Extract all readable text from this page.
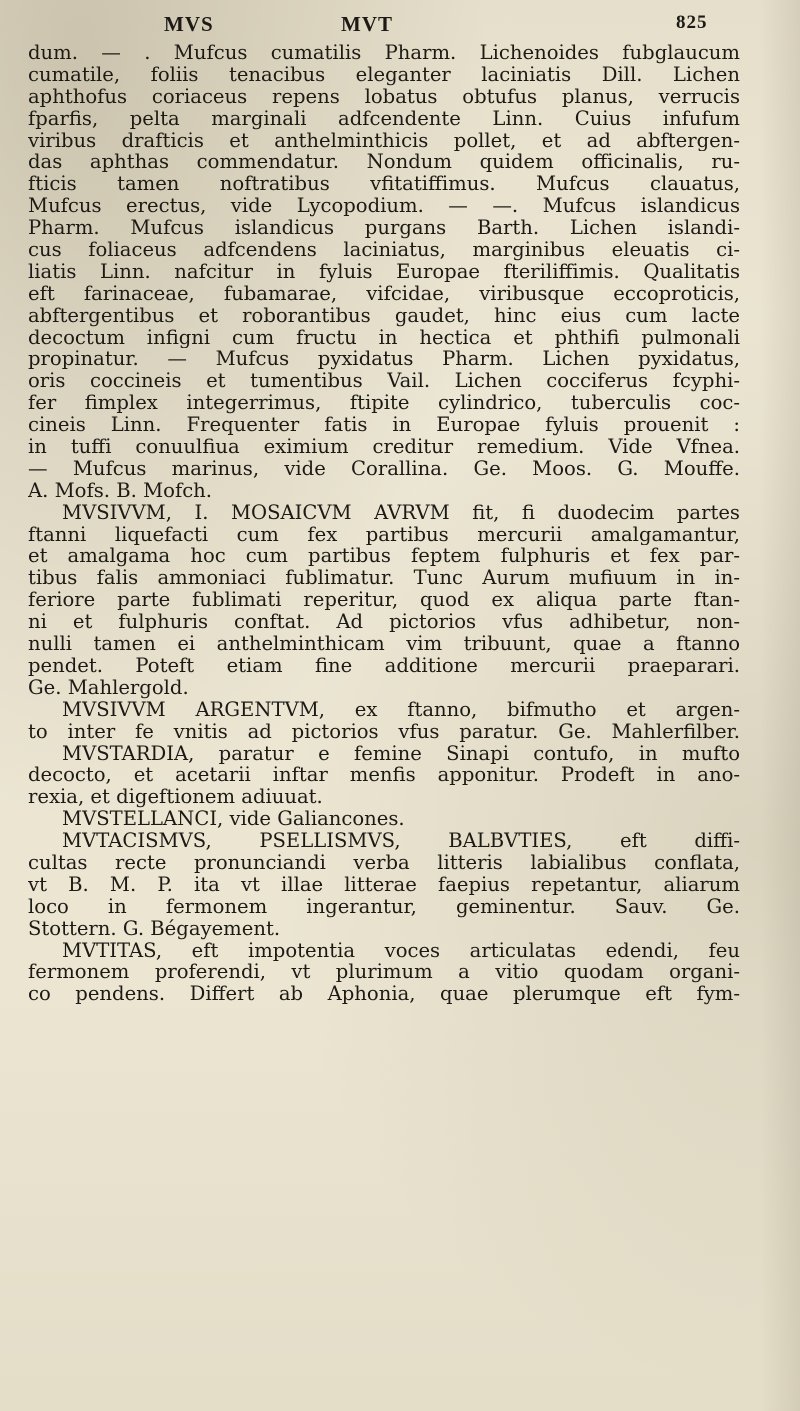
MVS	MVT	825
dum. — . Mufcus cumatilis Pharm. Lichenoides fubglaucum
cumatile, foliis tenacibus eleganter laciniatis Dill. Lichen
aphthofus coriaceus repens lobatus obtufus planus, verrucis
fparfis, pelta marginali adfcendente Linn. Cuius infufum
viribus drafticis et anthelminthicis pollet, et ad abftergen-
das aphthas commendatur. Nondum quidem officinalis, ru-
fticis tamen noftratibus vfitatiffimus. Mufcus clauatus,
Mufcus erectus, vide Lycopodium. — —. Mufcus islandicus
Pharm. Mufcus islandicus purgans Barth. Lichen islandi-
cus foliaceus adfcendens laciniatus, marginibus eleuatis ci-
liatis Linn. nafcitur in fyluis Europae fteriliffimis. Qualitatis
eft farinaceae, fubamarae, vifcidae, viribusque eccoproticis,
abftergentibus et roborantibus gaudet, hinc eius cum lacte
decoctum infigni cum fructu in hectica et phthifi pulmonali
propinatur. — Mufcus pyxidatus Pharm. Lichen pyxidatus,
oris coccineis et tumentibus Vail. Lichen cocciferus fcyphi-
fer fimplex integerrimus, ftipite cylindrico, tuberculis coc-
cineis Linn. Frequenter fatis in Europae fyluis prouenit :
in tuffi conuulfiua eximium creditur remedium. Vide Vfnea.
— Mufcus marinus, vide Corallina. Ge. Moos. G. Mouffe.
A. Mofs. B. Mofch.
MVSIVVM, I. MOSAICVM AVRVM fit, fi duodecim partes
ftanni liquefacti cum fex partibus mercurii amalgamantur,
et amalgama hoc cum partibus feptem fulphuris et fex par-
tibus falis ammoniaci fublimatur. Tunc Aurum mufiuum in in-
feriore parte fublimati reperitur, quod ex aliqua parte ftan-
ni et fulphuris conftat. Ad pictorios vfus adhibetur, non-
nulli tamen ei anthelminthicam vim tribuunt, quae a ftanno
pendet. Poteft etiam fine additione mercurii praeparari.
Ge. Mahlergold.
MVSIVVM ARGENTVM, ex ftanno, bifmutho et argen-
to inter fe vnitis ad pictorios vfus paratur. Ge. Mahlerfilber.
MVSTARDIA, paratur e femine Sinapi contufo, in mufto
decocto, et acetarii inftar menfis apponitur. Prodeft in ano-
rexia, et digeftionem adiuuat.
MVSTELLANCI, vide Galiancones.
MVTACISMVS, PSELLISMVS, BALBVTIES, eft diffi-
cultas recte pronunciandi verba litteris labialibus conflata,
vt B. M. P. ita vt illae litterae faepius repetantur, aliarum
loco in fermonem ingerantur, geminentur. Sauv. Ge.
Stottern. G. Bégayement.
MVTITAS, eft impotentia voces articulatas edendi, feu
fermonem proferendi, vt plurimum a vitio quodam organi-
co pendens. Differt ab Aphonia, quae plerumque eft fym-
